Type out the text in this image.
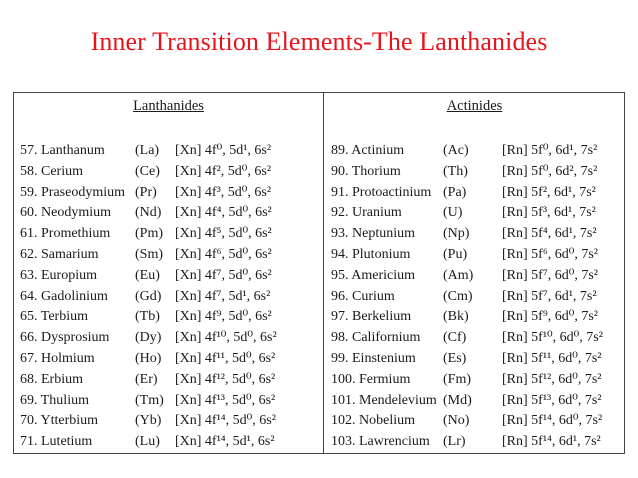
Inner Transition Elements-The Lanthanides
Lanthanides
57. Lanthanum (La) [Xn] 4f⁰, 5d¹, 6s²
58. Cerium	(Ce) [Xn] 4f², 5d⁰, 6s²
59. Praseodymium (Pr) [Xn] 4f³, 5d⁰, 6s²
60. Neodymium (Nd) [Xn] 4f⁴, 5d⁰, 6s²
61. Promethium (Pm) [Xn] 4f⁵, 5d⁰, 6s²
62. Samarium	(Sm) [Xn] 4f⁶, 5d⁰, 6s²
63. Europium	(Eu) [Xn] 4f⁷, 5d⁰, 6s²
64. Gadolinium (Gd) [Xn] 4f⁷, 5d¹, 6s²
65. Terbium	(Tb) [Xn] 4f⁹, 5d⁰, 6s²
66. Dysprosium (Dy) [Xn] 4f¹⁰, 5d⁰, 6s²
67. Holmium	(Ho) [Xn] 4f¹¹, 5d⁰, 6s²
68. Erbium	(Er) [Xn] 4f¹², 5d⁰, 6s²
69. Thulium	(Tm) [Xn] 4f¹³, 5d⁰, 6s²
70. Ytterbium	(Yb) [Xn] 4f¹⁴, 5d⁰, 6s²
71. Lutetium	(Lu) [Xn] 4f¹⁴, 5d¹, 6s²
Actinides
89. Actinium	(Ac) [Rn] 5f⁰, 6d¹, 7s²
90. Thorium	(Th) [Rn] 5f⁰, 6d², 7s²
91. Protoactinium (Pa)	[Rn] 5f², 6d¹, 7s²
92. Uranium	(U)	[Rn] 5f³, 6d¹, 7s²
93. Neptunium (Np) [Rn] 5f⁴, 6d¹, 7s²
94. Plutonium (Pu) [Rn] 5f⁶, 6d⁰, 7s²
95. Americium (Am) [Rn] 5f⁷, 6d⁰, 7s²
96. Curium	(Cm) [Rn] 5f⁷, 6d¹, 7s²
97. Berkelium (Bk) [Rn] 5f⁹, 6d⁰, 7s²
98. Californium (Cf)	[Rn] 5f¹⁰, 6d⁰, 7s²
99. Einstenium (Es)	[Rn] 5f¹¹, 6d⁰, 7s²
100. Fermium (Fm) [Rn] 5f¹², 6d⁰, 7s²
101. Mendelevium (Md) [Rn] 5f¹³, 6d⁰, 7s²
102. Nobelium (No) [Rn] 5f¹⁴, 6d⁰, 7s²
103. Lawrencium (Lr)	[Rn] 5f¹⁴, 6d¹, 7s²
